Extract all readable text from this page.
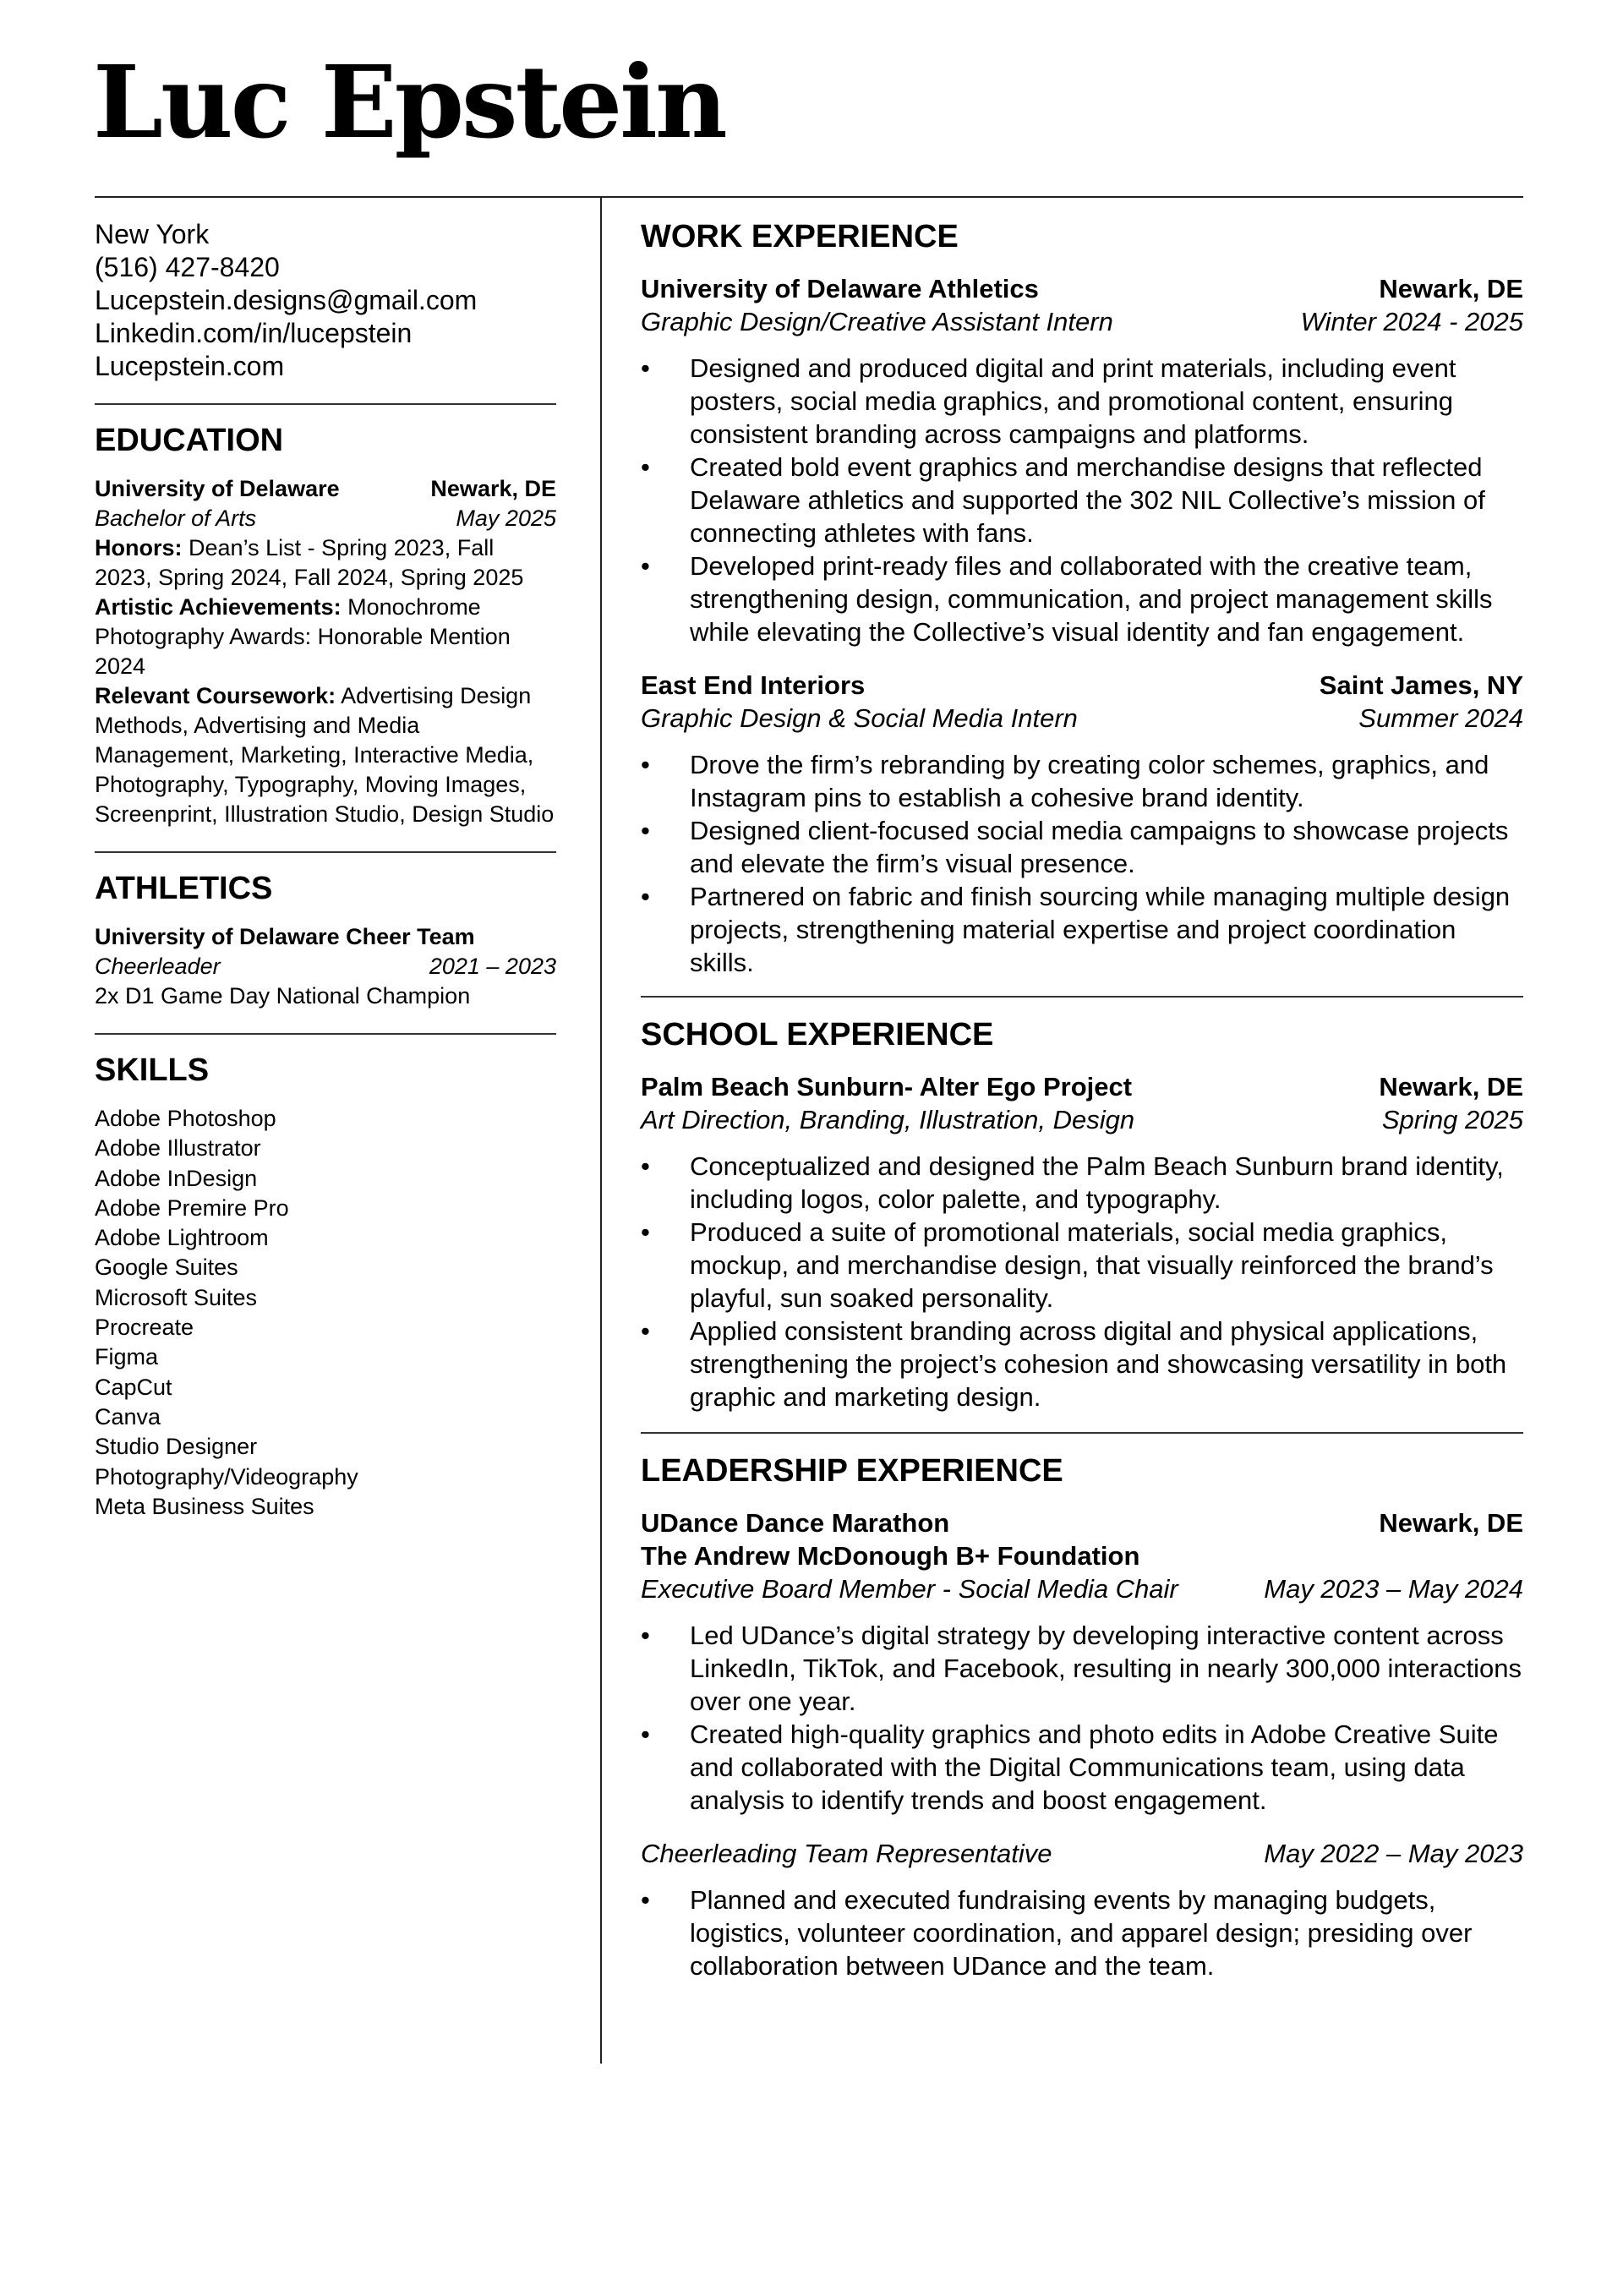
Luc Epstein
New York
(516) 427-8420
Lucepstein.designs@gmail.com
Linkedin.com/in/lucepstein
Lucepstein.com
EDUCATION
University of Delaware	Newark, DE
Bachelor of Arts	May 2025
Honors: Dean’s List - Spring 2023, Fall 2023, Spring 2024, Fall 2024, Spring 2025
Artistic Achievements: Monochrome Photography Awards: Honorable Mention 2024
Relevant Coursework: Advertising Design Methods, Advertising and Media Management, Marketing, Interactive Media, Photography, Typography, Moving Images, Screenprint, Illustration Studio, Design Studio
ATHLETICS
University of Delaware Cheer Team
Cheerleader	2021 – 2023
2x D1 Game Day National Champion
SKILLS
Adobe Photoshop
Adobe Illustrator
Adobe InDesign
Adobe Premire Pro
Adobe Lightroom
Google Suites
Microsoft Suites
Procreate
Figma
CapCut
Canva
Studio Designer
Photography/Videography
Meta Business Suites
WORK EXPERIENCE
University of Delaware Athletics	Newark, DE
Graphic Design/Creative Assistant Intern	Winter 2024 - 2025
•	Designed and produced digital and print materials, including event posters, social media graphics, and promotional content, ensuring consistent branding across campaigns and platforms.
•	Created bold event graphics and merchandise designs that reflected Delaware athletics and supported the 302 NIL Collective’s mission of connecting athletes with fans.
•	Developed print-ready files and collaborated with the creative team, strengthening design, communication, and project management skills while elevating the Collective’s visual identity and fan engagement.
East End Interiors	Saint James, NY
Graphic Design & Social Media Intern	Summer 2024
•	Drove the firm’s rebranding by creating color schemes, graphics, and Instagram pins to establish a cohesive brand identity.
•	Designed client-focused social media campaigns to showcase projects and elevate the firm’s visual presence.
•	Partnered on fabric and finish sourcing while managing multiple design projects, strengthening material expertise and project coordination skills.
SCHOOL EXPERIENCE
Palm Beach Sunburn- Alter Ego Project	Newark, DE
Art Direction, Branding, Illustration, Design	Spring 2025
•	Conceptualized and designed the Palm Beach Sunburn brand identity, including logos, color palette, and typography.
•	Produced a suite of promotional materials, social media graphics, mockup, and merchandise design, that visually reinforced the brand’s playful, sun soaked personality.
•	Applied consistent branding across digital and physical applications, strengthening the project’s cohesion and showcasing versatility in both graphic and marketing design.
LEADERSHIP EXPERIENCE
UDance Dance Marathon	Newark, DE
The Andrew McDonough B+ Foundation
Executive Board Member - Social Media Chair	May 2023 – May 2024
•	Led UDance’s digital strategy by developing interactive content across LinkedIn, TikTok, and Facebook, resulting in nearly 300,000 interactions over one year.
•	Created high-quality graphics and photo edits in Adobe Creative Suite and collaborated with the Digital Communications team, using data analysis to identify trends and boost engagement.
Cheerleading Team Representative	May 2022 – May 2023
•	Planned and executed fundraising events by managing budgets, logistics, volunteer coordination, and apparel design; presiding over collaboration between UDance and the team.
